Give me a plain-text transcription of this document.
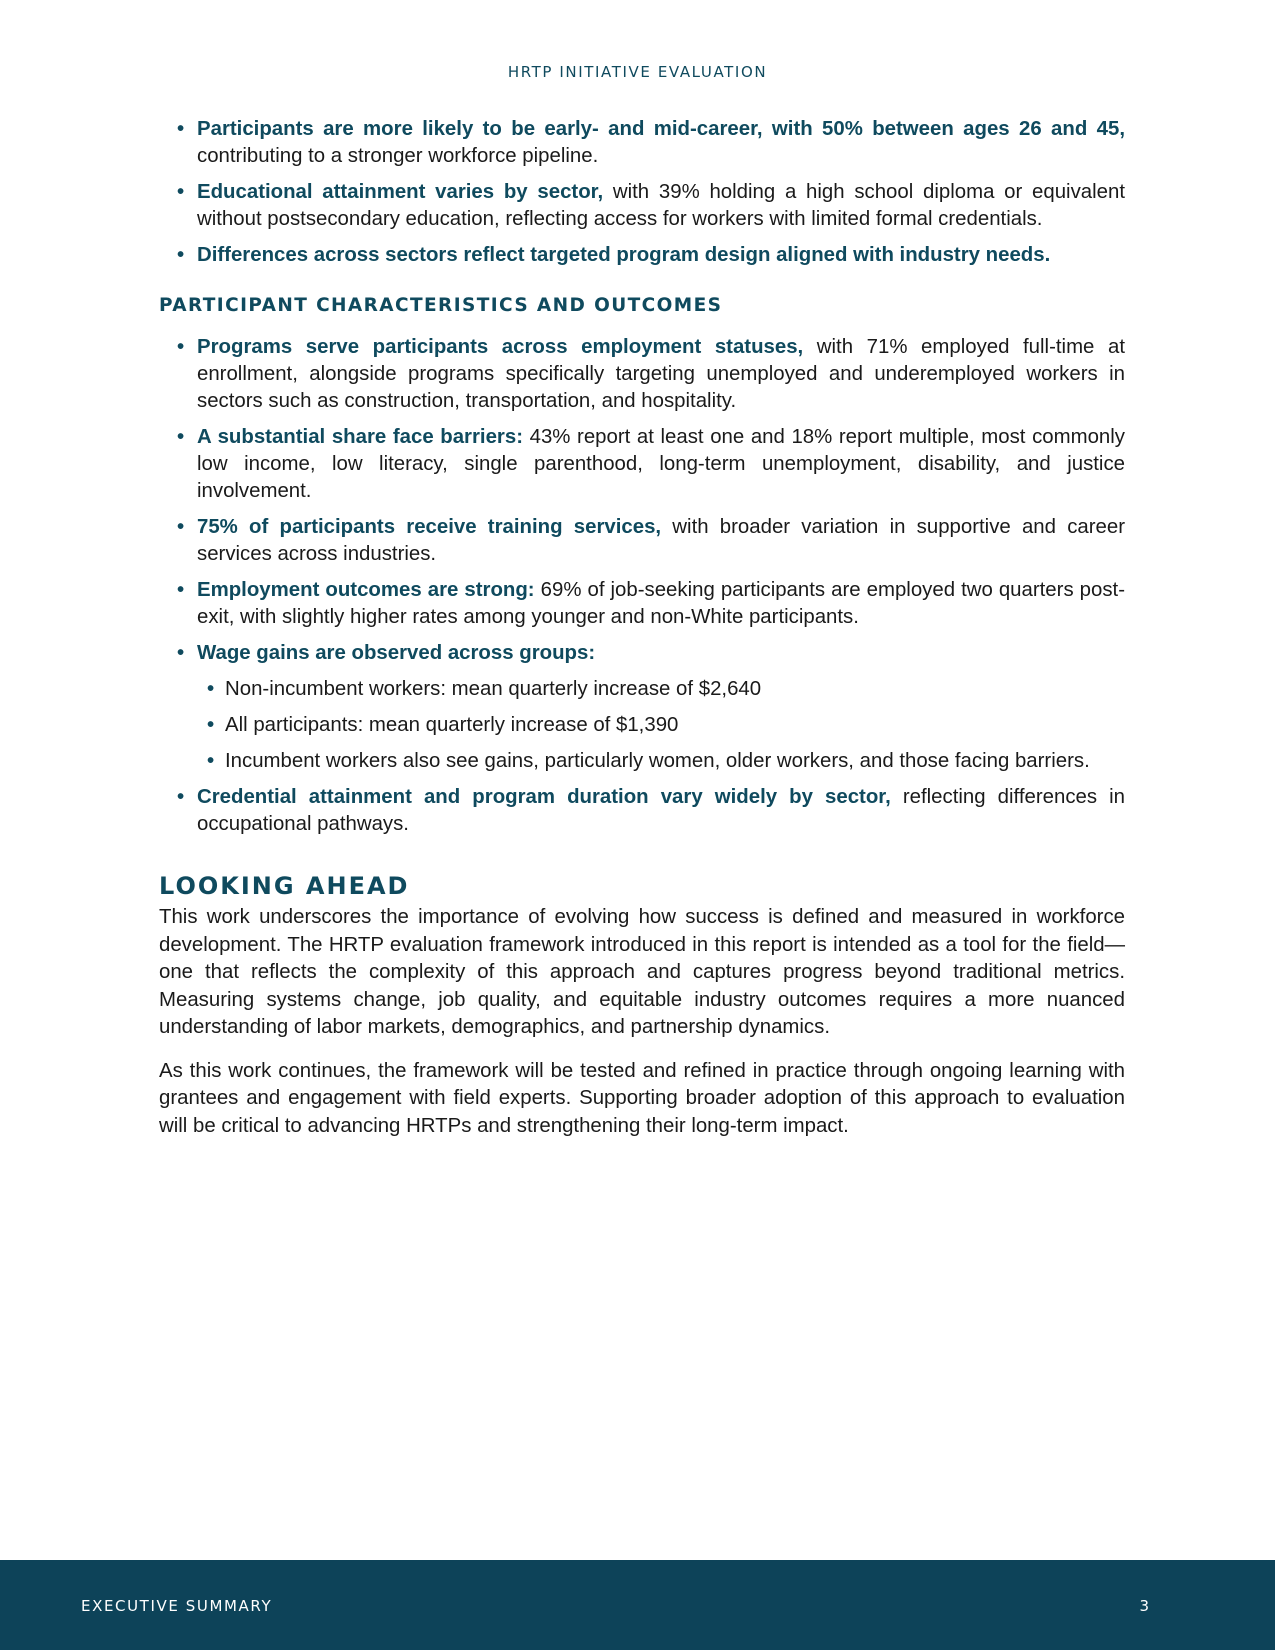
HRTP INITIATIVE EVALUATION
• Participants are more likely to be early- and mid-career, with 50% between ages 26 and 45, contributing to a stronger workforce pipeline.
• Educational attainment varies by sector, with 39% holding a high school diploma or equivalent without postsecondary education, reflecting access for workers with limited formal credentials.
• Differences across sectors reflect targeted program design aligned with industry needs.
PARTICIPANT CHARACTERISTICS AND OUTCOMES
• Programs serve participants across employment statuses, with 71% employed full-time at enrollment, alongside programs specifically targeting unemployed and underemployed workers in sectors such as construction, transportation, and hospitality.
• A substantial share face barriers: 43% report at least one and 18% report multiple, most commonly low income, low literacy, single parenthood, long-term unemployment, disability, and justice involvement.
• 75% of participants receive training services, with broader variation in supportive and career services across industries.
• Employment outcomes are strong: 69% of job-seeking participants are employed two quarters post-exit, with slightly higher rates among younger and non-White participants.
• Wage gains are observed across groups:
• Non-incumbent workers: mean quarterly increase of $2,640
• All participants: mean quarterly increase of $1,390
• Incumbent workers also see gains, particularly women, older workers, and those facing barriers.
• Credential attainment and program duration vary widely by sector, reflecting differences in occupational pathways.
LOOKING AHEAD

This work underscores the importance of evolving how success is defined and measured in workforce development. The HRTP evaluation framework introduced in this report is intended as a tool for the field—one that reflects the complexity of this approach and captures progress beyond traditional metrics. Measuring systems change, job quality, and equitable industry outcomes requires a more nuanced understanding of labor markets, demographics, and partnership dynamics.

As this work continues, the framework will be tested and refined in practice through ongoing learning with grantees and engagement with field experts. Supporting broader adoption of this approach to evaluation will be critical to advancing HRTPs and strengthening their long-term impact.

EXECUTIVE SUMMARY	3
